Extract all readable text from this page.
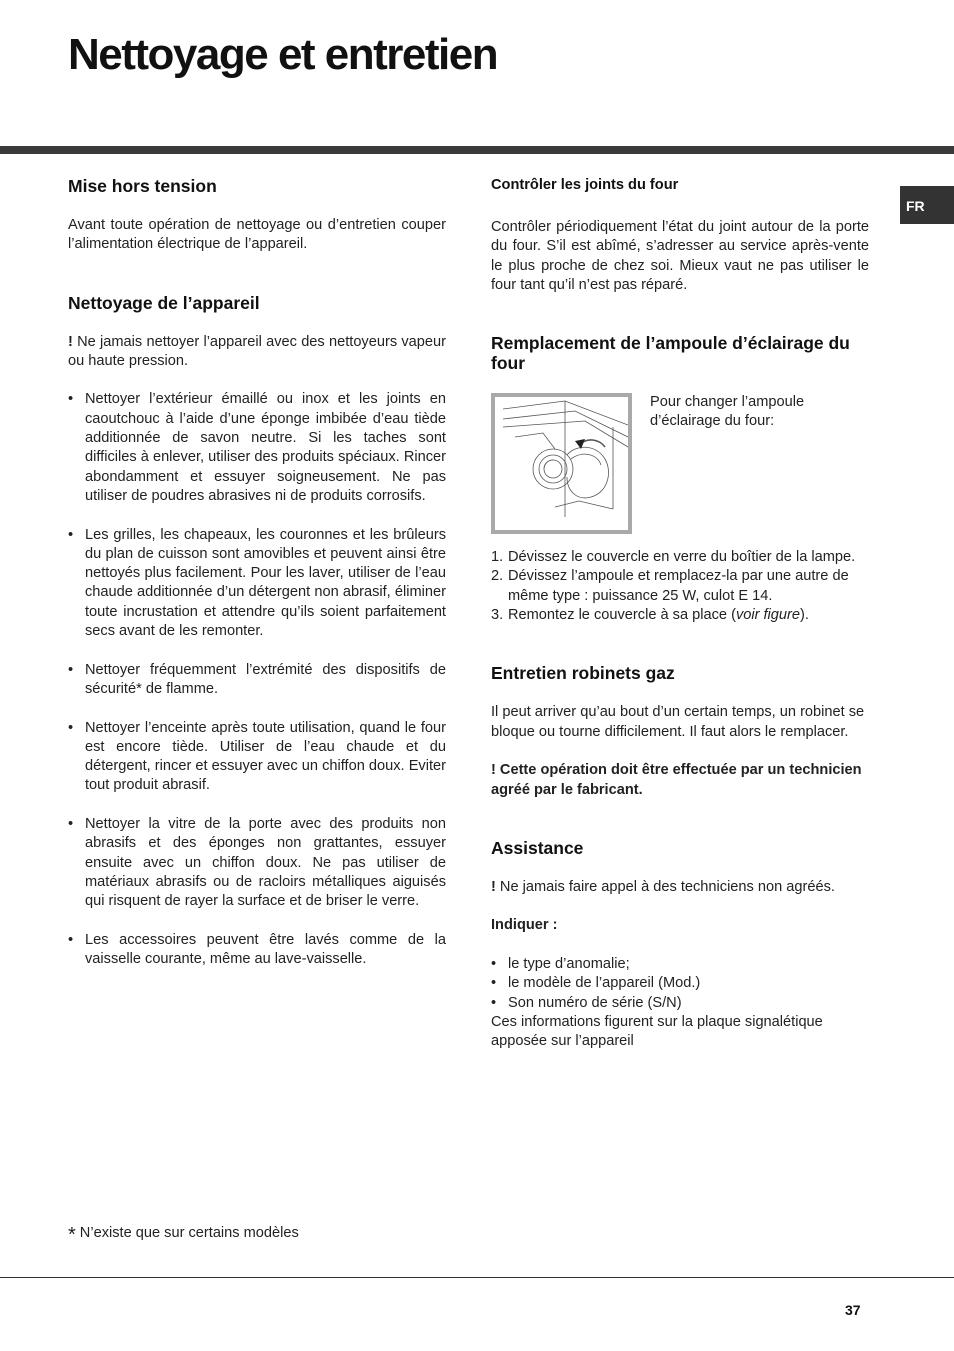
Nettoyage et entretien
FR
Mise hors tension

Avant toute opération de nettoyage ou d’entretien couper l’alimentation électrique de l’appareil.

Nettoyage de l’appareil

! Ne jamais nettoyer l’appareil avec des nettoyeurs vapeur ou haute pression.

• Nettoyer l’extérieur émaillé ou inox et les joints en caoutchouc à l’aide d’une éponge imbibée d’eau tiède additionnée de savon neutre. Si les taches sont difficiles à enlever, utiliser des produits spéciaux. Rincer abondamment et essuyer soigneusement. Ne pas utiliser de poudres abrasives ni de produits corrosifs.
• Les grilles, les chapeaux, les couronnes et les brûleurs du plan de cuisson sont amovibles et peuvent ainsi être nettoyés plus facilement. Pour les laver, utiliser de l’eau chaude additionnée d’un détergent non abrasif, éliminer toute incrustation et attendre qu’ils soient parfaitement secs avant de les remonter.
• Nettoyer fréquemment l’extrémité des dispositifs de sécurité* de flamme.
• Nettoyer l’enceinte après toute utilisation, quand le four est encore tiède. Utiliser de l’eau chaude et du détergent, rincer et essuyer avec un chiffon doux. Eviter tout produit abrasif.
• Nettoyer la vitre de la porte avec des produits non abrasifs et des éponges non grattantes, essuyer ensuite avec un chiffon doux. Ne pas utiliser de matériaux abrasifs ou de racloirs métalliques aiguisés qui risquent de rayer la surface et de briser le verre.
• Les accessoires peuvent être lavés comme de la vaisselle courante, même au lave-vaisselle.
Contrôler les joints du four

Contrôler périodiquement l’état du joint autour de la porte du four. S’il est abîmé, s’adresser au service après-vente le plus proche de chez soi. Mieux vaut ne pas utiliser le four tant qu’il n’est pas réparé.

Remplacement de l’ampoule d’éclairage du four
Pour changer l’ampoule d’éclairage du four:
1. Dévissez le couvercle en verre du boîtier de la lampe.
2. Dévissez l’ampoule et remplacez-la par une autre de même type : puissance 25 W, culot E 14.
3. Remontez le couvercle à sa place (voir figure).
Entretien robinets gaz

Il peut arriver qu’au bout d’un certain temps, un robinet se bloque ou tourne difficilement. Il faut alors le remplacer.

! Cette opération doit être effectuée par un technicien agréé par le fabricant.

Assistance

! Ne jamais faire appel à des techniciens non agréés.

Indiquer :

• le type d’anomalie;
• le modèle de l’appareil (Mod.)
• Son numéro de série (S/N)

Ces informations figurent sur la plaque signalétique apposée sur l’appareil

* N’existe que sur certains modèles
37
